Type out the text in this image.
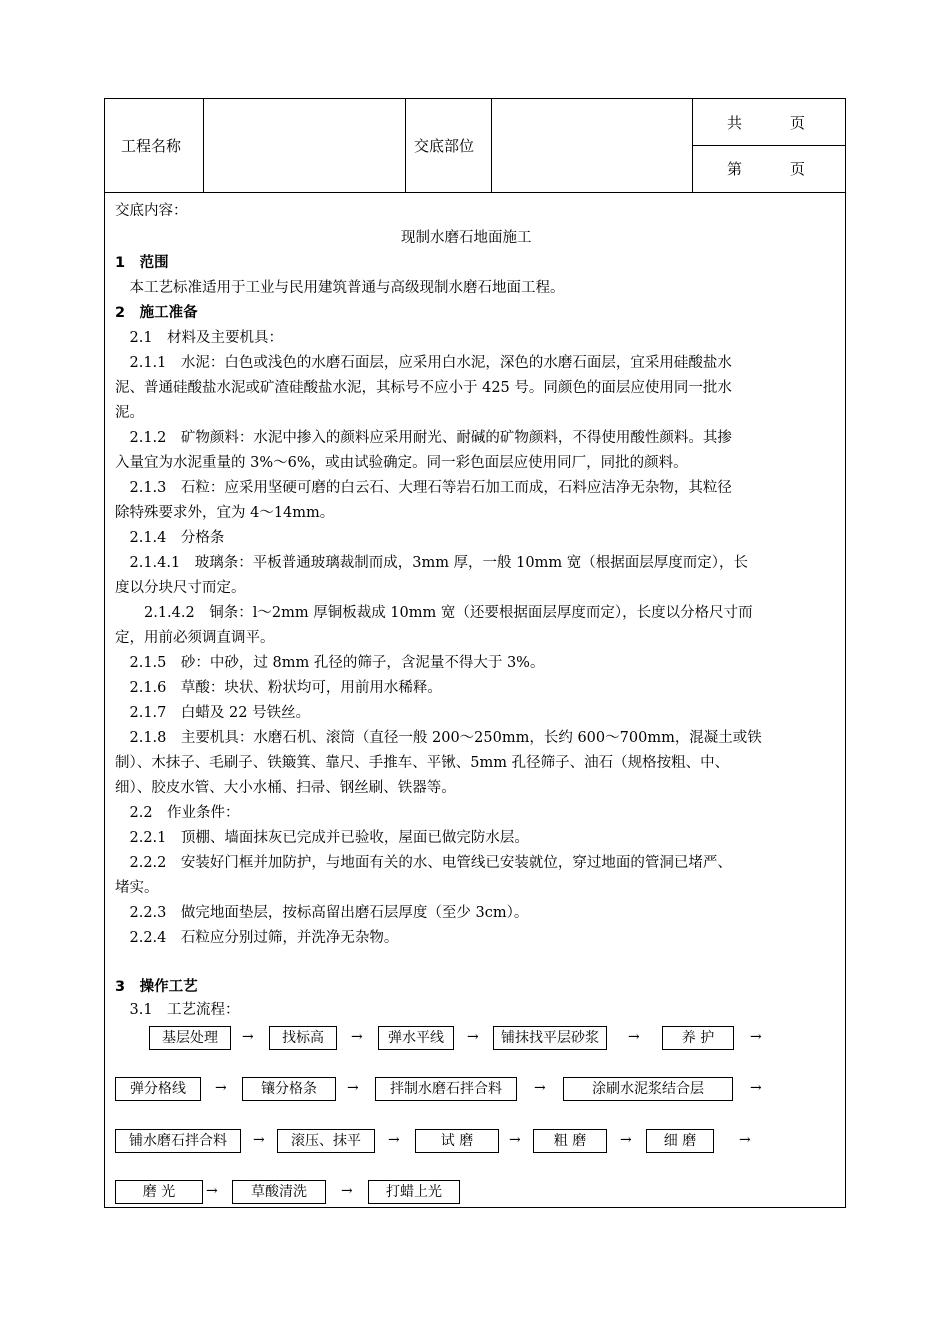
工程名称	交底部位
共　　页
第　　页
交底内容：
现制水磨石地面施工
1　范围
　本工艺标准适用于工业与民用建筑普通与高级现制水磨石地面工程。
2　施工准备
　2.1　材料及主要机具：
　2.1.1　水泥：白色或浅色的水磨石面层，应采用白水泥，深色的水磨石面层，宜采用硅酸盐水
泥、普通硅酸盐水泥或矿渣硅酸盐水泥，其标号不应小于 425 号。同颜色的面层应使用同一批水
泥。
　2.1.2　矿物颜料：水泥中掺入的颜料应采用耐光、耐碱的矿物颜料，不得使用酸性颜料。其掺
入量宜为水泥重量的 3%～6%，或由试验确定。同一彩色面层应使用同厂，同批的颜料。
　2.1.3　石粒：应采用坚硬可磨的白云石、大理石等岩石加工而成，石料应洁净无杂物，其粒径
除特殊要求外，宜为 4～14mm。
　2.1.4　分格条
　2.1.4.1　玻璃条：平板普通玻璃裁制而成，3mm 厚，一般 10mm 宽（根据面层厚度而定），长
度以分块尺寸而定。
　　2.1.4.2　铜条：l～2mm 厚铜板裁成 10mm 宽（还要根据面层厚度而定），长度以分格尺寸而
定，用前必须调直调平。
　2.1.5　砂：中砂，过 8mm 孔径的筛子，含泥量不得大于 3%。
　2.1.6　草酸：块状、粉状均可，用前用水稀释。
　2.1.7　白蜡及 22 号铁丝。
　2.1.8　主要机具：水磨石机、滚筒（直径一般 200～250mm，长约 600～700mm，混凝土或铁
制）、木抹子、毛刷子、铁簸箕、靠尺、手推车、平锹、5mm 孔径筛子、油石（规格按粗、中、
细）、胶皮水管、大小水桶、扫帚、钢丝刷、铁器等。
　2.2　作业条件：
　2.2.1　顶棚、墙面抹灰已完成并已验收，屋面已做完防水层。
　2.2.2　安装好门框并加防护，与地面有关的水、电管线已安装就位，穿过地面的管洞已堵严、
堵实。
　2.2.3　做完地面垫层，按标高留出磨石层厚度（至少 3cm）。
　2.2.4　石粒应分别过筛，并洗净无杂物。
3　操作工艺
　3.1　工艺流程：
基层处理	→	找标高	→	弹水平线	→	铺抹找平层砂浆	→	养 护	→
弹分格线	→	镶分格条	→	拌制水磨石拌合料	→	涂刷水泥浆结合层	→
铺水磨石拌合料	→	滚压、抹平	→	试 磨	→	粗 磨	→	细 磨	→
磨 光	→	草酸清洗	→	打蜡上光
